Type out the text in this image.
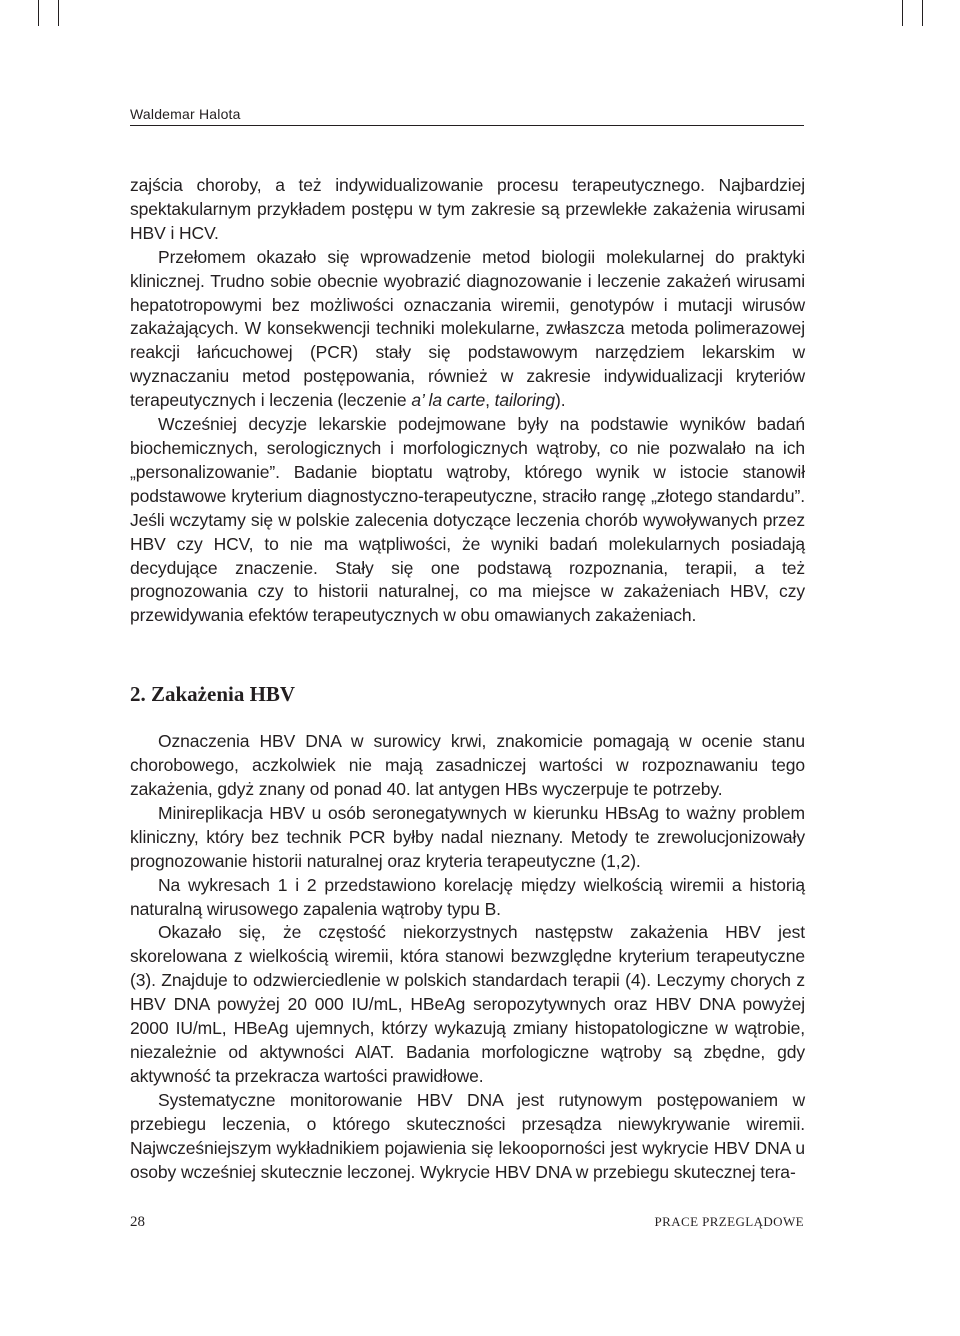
Waldemar Halota

zajścia choroby, a też indywidualizowanie procesu terapeutycznego. Najbardziej spektakularnym przykładem postępu w tym zakresie są przewlekłe zakażenia wirusami HBV i HCV.

Przełomem okazało się wprowadzenie metod biologii molekularnej do praktyki klinicznej. Trudno sobie obecnie wyobrazić diagnozowanie i leczenie zakażeń wirusami hepatotropowymi bez możliwości oznaczania wiremii, genotypów i mutacji wirusów zakażających. W konsekwencji techniki molekularne, zwłaszcza metoda polimerazowej reakcji łańcuchowej (PCR) stały się podstawowym narzędziem lekarskim w wyznaczaniu metod postępowania, również w zakresie indywidualizacji kryteriów terapeutycznych i leczenia (leczenie a’ la carte, tailoring).

Wcześniej decyzje lekarskie podejmowane były na podstawie wyników badań biochemicznych, serologicznych i morfologicznych wątroby, co nie pozwalało na ich „personalizowanie”. Badanie bioptatu wątroby, którego wynik w istocie stanowił podstawowe kryterium diagnostyczno-terapeutyczne, straciło rangę „złotego standardu”. Jeśli wczytamy się w polskie zalecenia dotyczące leczenia chorób wywoływanych przez HBV czy HCV, to nie ma wątpliwości, że wyniki badań molekularnych posiadają decydujące znaczenie. Stały się one podstawą rozpoznania, terapii, a też prognozowania czy to historii naturalnej, co ma miejsce w zakażeniach HBV, czy przewidywania efektów terapeutycznych w obu omawianych zakażeniach.

2. Zakażenia HBV

Oznaczenia HBV DNA w surowicy krwi, znakomicie pomagają w ocenie stanu chorobowego, aczkolwiek nie mają zasadniczej wartości w rozpoznawaniu tego zakażenia, gdyż znany od ponad 40. lat antygen HBs wyczerpuje te potrzeby.

Minireplikacja HBV u osób seronegatywnych w kierunku HBsAg to ważny problem kliniczny, który bez technik PCR byłby nadal nieznany. Metody te zrewolucjonizowały prognozowanie historii naturalnej oraz kryteria terapeutyczne (1,2).

Na wykresach 1 i 2 przedstawiono korelację między wielkością wiremii a historią naturalną wirusowego zapalenia wątroby typu B.

Okazało się, że częstość niekorzystnych następstw zakażenia HBV jest skorelowana z wielkością wiremii, która stanowi bezwzględne kryterium terapeutyczne (3). Znajduje to odzwierciedlenie w polskich standardach terapii (4). Leczymy chorych z HBV DNA powyżej 20 000 IU/mL, HBeAg seropozytywnych oraz HBV DNA powyżej 2000 IU/mL, HBeAg ujemnych, którzy wykazują zmiany histopatologiczne w wątrobie, niezależnie od aktywności AlAT. Badania morfologiczne wątroby są zbędne, gdy aktywność ta przekracza wartości prawidłowe.

Systematyczne monitorowanie HBV DNA jest rutynowym postępowaniem w przebiegu leczenia, o którego skuteczności przesądza niewykrywanie wiremii. Najwcześniejszym wykładnikiem pojawienia się lekooporności jest wykrycie HBV DNA u osoby wcześniej skutecznie leczonej. Wykrycie HBV DNA w przebiegu skutecznej tera-

28	PRACE PRZEGLĄDOWE
